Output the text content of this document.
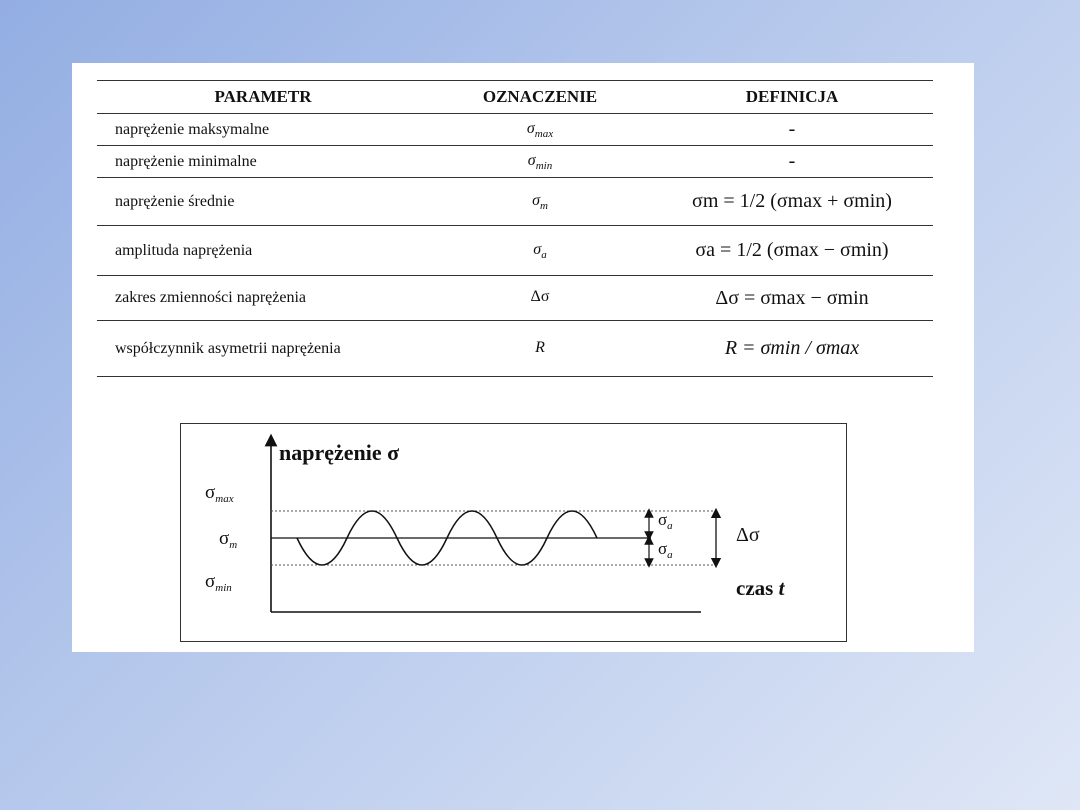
PARAMETR	OZNACZENIE	DEFINICJA
naprężenie maksymalne	$\sigma_{max}$	-
naprężenie minimalne	$\sigma_{min}$	-
naprężenie średnie	$\sigma_m$	σm = 1/2 (σmax + σmin)
amplituda naprężenia	$\sigma_a$	σa = 1/2 (σmax − σmin)
zakres zmienności naprężenia	Δσ	Δσ = σmax − σmin
współczynnik asymetrii naprężenia	R	R = σmin / σmax
naprężenie σ
czas t
$\sigma_{max}$
$\sigma_m$
$\sigma_{min}$
$\sigma_a$
$\sigma_a$
Δσ
